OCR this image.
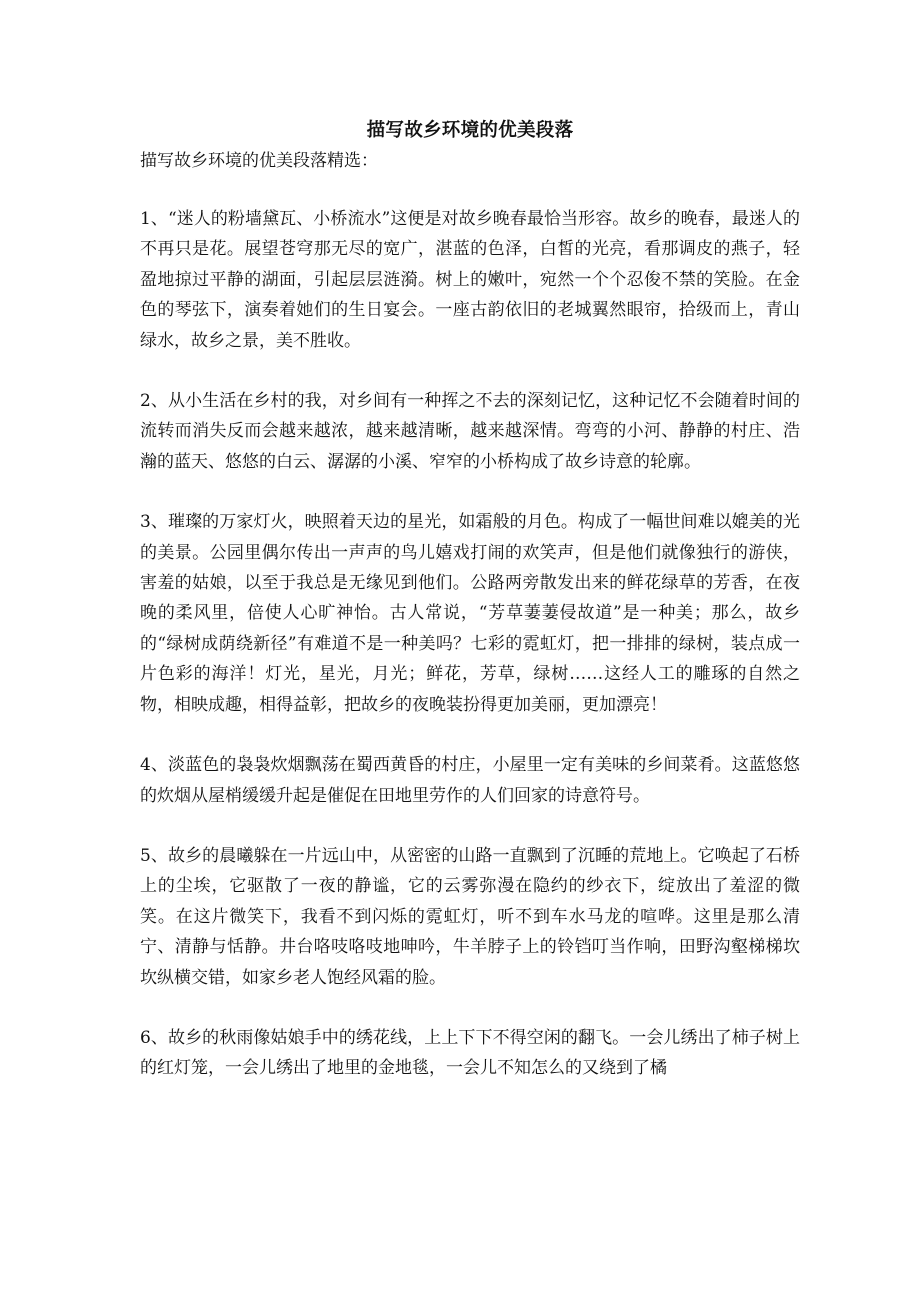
描写故乡环境的优美段落

描写故乡环境的优美段落精选：

1、“迷人的粉墙黛瓦、小桥流水”这便是对故乡晚春最恰当形容。故乡的晚春，最迷人的不再只是花。展望苍穹那无尽的宽广，湛蓝的色泽，白皙的光亮，看那调皮的燕子，轻盈地掠过平静的湖面，引起层层涟漪。树上的嫩叶，宛然一个个忍俊不禁的笑脸。在金色的琴弦下，演奏着她们的生日宴会。一座古韵依旧的老城翼然眼帘，拾级而上，青山绿水，故乡之景，美不胜收。

2、从小生活在乡村的我，对乡间有一种挥之不去的深刻记忆，这种记忆不会随着时间的流转而消失反而会越来越浓，越来越清晰，越来越深情。弯弯的小河、静静的村庄、浩瀚的蓝天、悠悠的白云、潺潺的小溪、窄窄的小桥构成了故乡诗意的轮廓。

3、璀璨的万家灯火，映照着天边的星光，如霜般的月色。构成了一幅世间难以媲美的光的美景。公园里偶尔传出一声声的鸟儿嬉戏打闹的欢笑声，但是他们就像独行的游侠，害羞的姑娘，以至于我总是无缘见到他们。公路两旁散发出来的鲜花绿草的芳香，在夜晚的柔风里，倍使人心旷神怡。古人常说，“芳草萋萋侵故道”是一种美；那么，故乡的“绿树成荫绕新径”有难道不是一种美吗？七彩的霓虹灯，把一排排的绿树，装点成一片色彩的海洋！灯光，星光，月光；鲜花，芳草，绿树……这经人工的雕琢的自然之物，相映成趣，相得益彰，把故乡的夜晚装扮得更加美丽，更加漂亮！

4、淡蓝色的袅袅炊烟飘荡在蜀西黄昏的村庄，小屋里一定有美味的乡间菜肴。这蓝悠悠的炊烟从屋梢缓缓升起是催促在田地里劳作的人们回家的诗意符号。

5、故乡的晨曦躲在一片远山中，从密密的山路一直飘到了沉睡的荒地上。它唤起了石桥上的尘埃，它驱散了一夜的静谧，它的云雾弥漫在隐约的纱衣下，绽放出了羞涩的微笑。在这片微笑下，我看不到闪烁的霓虹灯，听不到车水马龙的喧哗。这里是那么清宁、清静与恬静。井台咯吱咯吱地呻吟，牛羊脖子上的铃铛叮当作响，田野沟壑梯梯坎坎纵横交错，如家乡老人饱经风霜的脸。

6、故乡的秋雨像姑娘手中的绣花线，上上下下不得空闲的翻飞。一会儿绣出了柿子树上的红灯笼，一会儿绣出了地里的金地毯，一会儿不知怎么的又绕到了橘
